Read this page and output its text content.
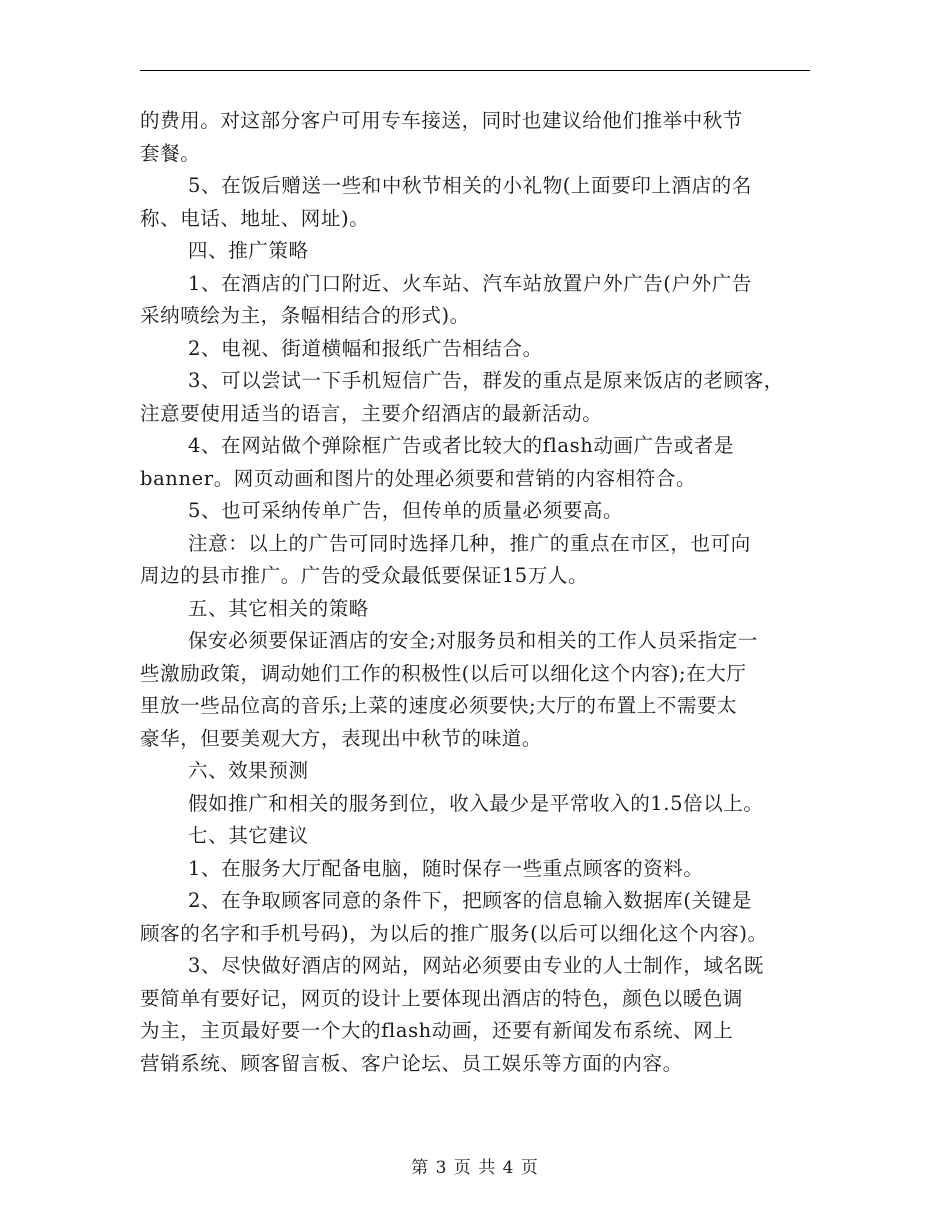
的费用。对这部分客户可用专车接送，同时也建议给他们推举中秋节
套餐。
5、在饭后赠送一些和中秋节相关的小礼物(上面要印上酒店的名
称、电话、地址、网址)。
四、推广策略
1、在酒店的门口附近、火车站、汽车站放置户外广告(户外广告
采纳喷绘为主，条幅相结合的形式)。
2、电视、街道横幅和报纸广告相结合。
3、可以尝试一下手机短信广告，群发的重点是原来饭店的老顾客，
注意要使用适当的语言，主要介绍酒店的最新活动。
4、在网站做个弹除框广告或者比较大的flash动画广告或者是
banner。网页动画和图片的处理必须要和营销的内容相符合。
5、也可采纳传单广告，但传单的质量必须要高。
注意：以上的广告可同时选择几种，推广的重点在市区，也可向
周边的县市推广。广告的受众最低要保证15万人。
五、其它相关的策略
保安必须要保证酒店的安全;对服务员和相关的工作人员采指定一
些激励政策，调动她们工作的积极性(以后可以细化这个内容);在大厅
里放一些品位高的音乐;上菜的速度必须要快;大厅的布置上不需要太
豪华，但要美观大方，表现出中秋节的味道。
六、效果预测
假如推广和相关的服务到位，收入最少是平常收入的1.5倍以上。
七、其它建议
1、在服务大厅配备电脑，随时保存一些重点顾客的资料。
2、在争取顾客同意的条件下，把顾客的信息输入数据库(关键是
顾客的名字和手机号码)，为以后的推广服务(以后可以细化这个内容)。
3、尽快做好酒店的网站，网站必须要由专业的人士制作，域名既
要简单有要好记，网页的设计上要体现出酒店的特色，颜色以暖色调
为主，主页最好要一个大的flash动画，还要有新闻发布系统、网上
营销系统、顾客留言板、客户论坛、员工娱乐等方面的内容。
第 3 页 共 4 页
